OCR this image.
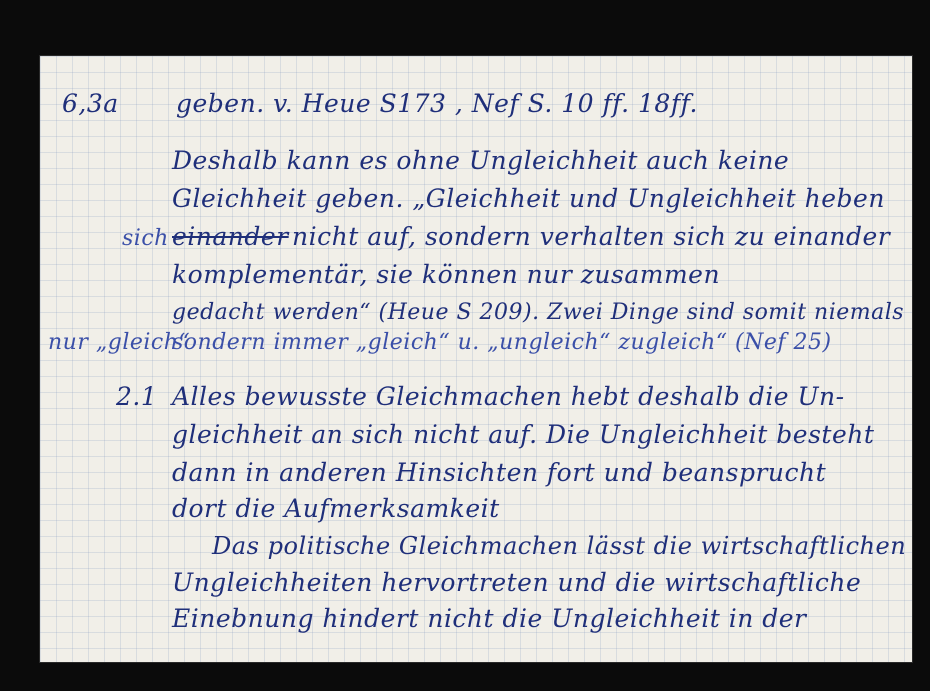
6,3a geben. v. Heue S173 , Nef S. 10 ff. 18ff.
Deshalb kann es ohne Ungleichheit auch keine
Gleichheit geben. „Gleichheit und Ungleichheit heben
sich einander nicht auf, sondern verhalten sich zu einander
komplementär, sie können nur zusammen
gedacht werden“ (Heue S 209). Zwei Dinge sind somit niemals
nur „gleich“
sondern immer „gleich“ u. „ungleich“ zugleich“ (Nef 25)
2.1 Alles bewusste Gleichmachen hebt deshalb die Un-
gleichheit an sich nicht auf. Die Ungleichheit besteht
dann in anderen Hinsichten fort und beansprucht
dort die Aufmerksamkeit
Das politische Gleichmachen lässt die wirtschaftlichen
Ungleichheiten hervortreten und die wirtschaftliche
Einebnung hindert nicht die Ungleichheit in der
